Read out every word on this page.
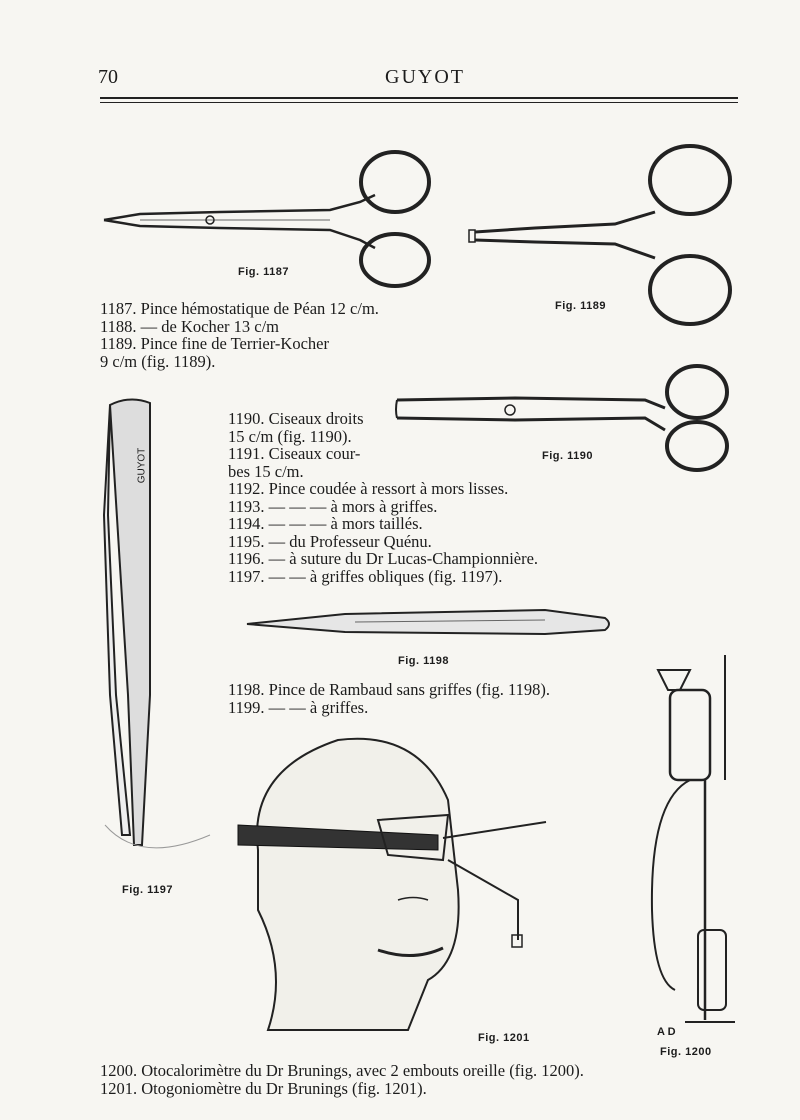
70	GUYOT
Fig. 1187
Fig. 1189
1187. Pince hémostatique de Péan 12 c/m.
1188. — de Kocher 13 c/m
1189. Pince fine de Terrier-Kocher
9 c/m (fig. 1189).
Fig. 1190
GUYOT
Fig. 1197
1190. Ciseaux droits
15 c/m (fig. 1190).
1191. Ciseaux cour-
bes 15 c/m.
1192. Pince coudée à ressort à mors lisses.
1193. — — — à mors à griffes.
1194. — — — à mors taillés.
1195. — du Professeur Quénu.
1196. — à suture du Dr Lucas-Championnière.
1197. — — à griffes obliques (fig. 1197).
Fig. 1198
1198. Pince de Rambaud sans griffes (fig. 1198).
1199. — — à griffes.
A D
Fig. 1200
Fig. 1201
1200. Otocalorimètre du Dr Brunings, avec 2 embouts oreille (fig. 1200).
1201. Otogoniomètre du Dr Brunings (fig. 1201).
